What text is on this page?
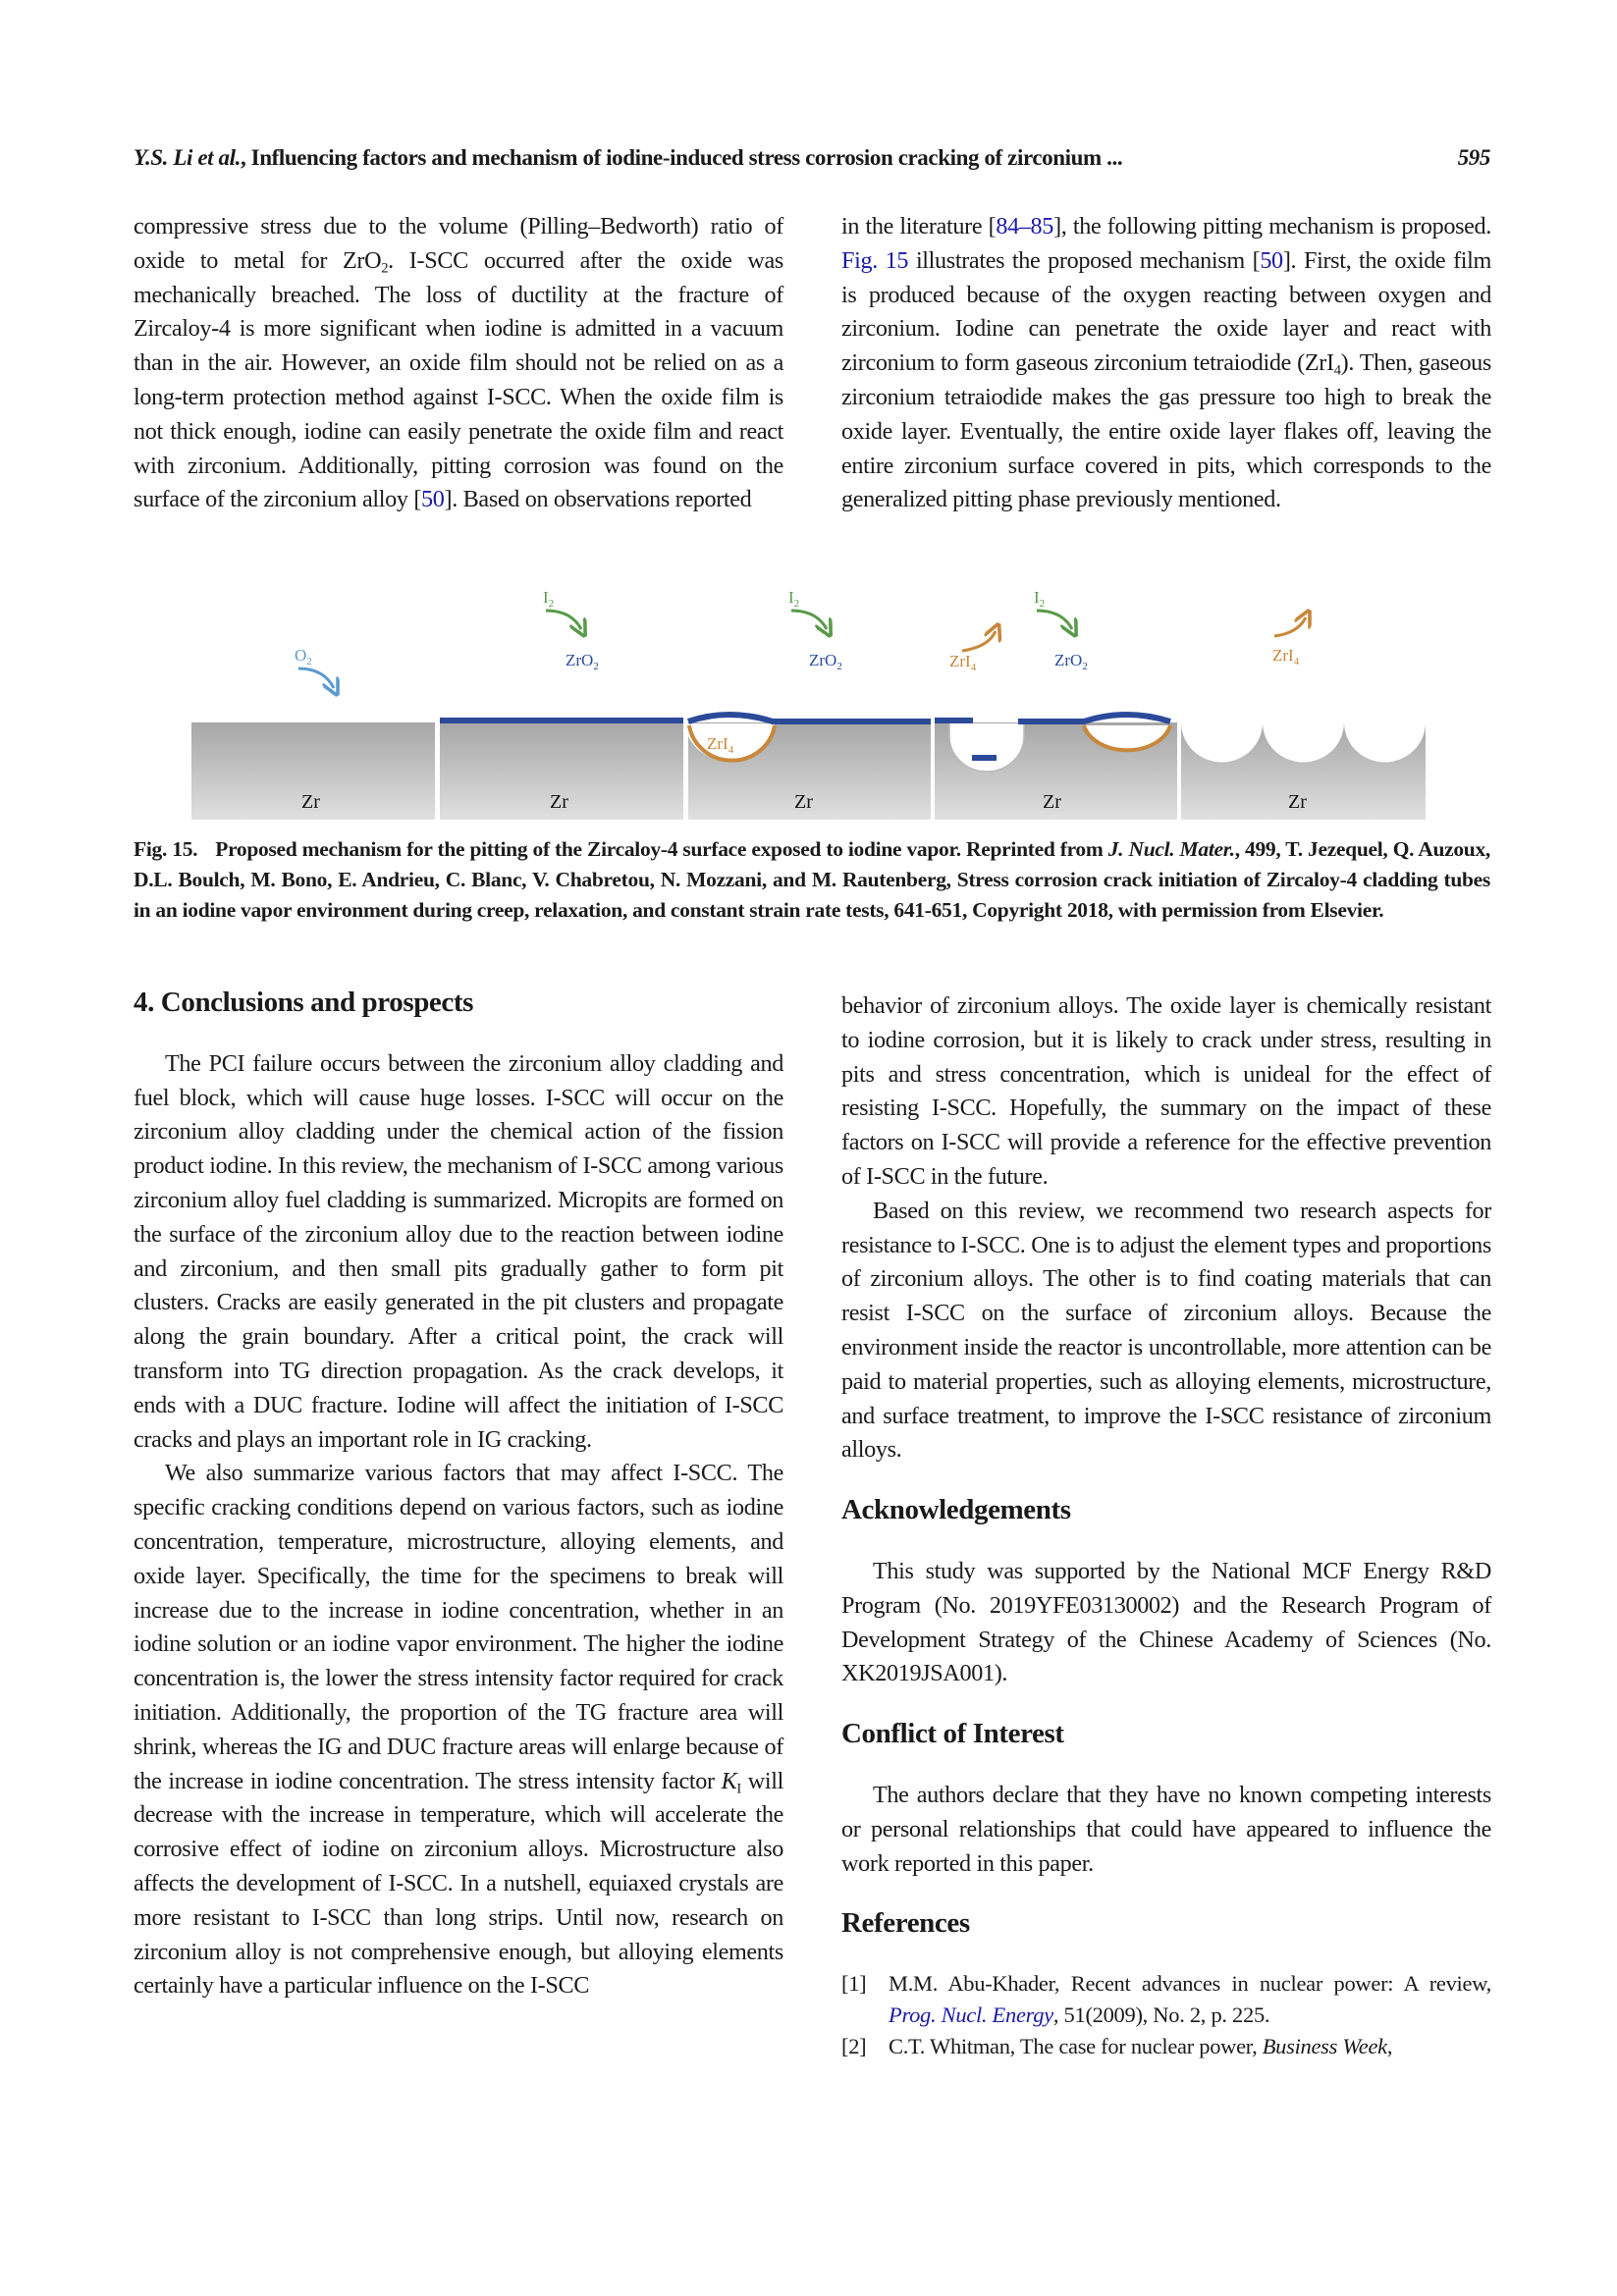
Y.S. Li et al., Influencing factors and mechanism of iodine-induced stress corrosion cracking of zirconium ...	595

compressive stress due to the volume (Pilling–Bedworth) ratio of oxide to metal for ZrO$_2$. I-SCC occurred after the oxide was mechanically breached. The loss of ductility at the fracture of Zircaloy-4 is more significant when iodine is admitted in a vacuum than in the air. However, an oxide film should not be relied on as a long-term protection method against I-SCC. When the oxide film is not thick enough, iodine can easily penetrate the oxide film and react with zirconium. Additionally, pitting corrosion was found on the surface of the zirconium alloy [50]. Based on observations reported

in the literature [84–85], the following pitting mechanism is proposed. Fig. 15 illustrates the proposed mechanism [50]. First, the oxide film is produced because of the oxygen reacting between oxygen and zirconium. Iodine can penetrate the oxide layer and react with zirconium to form gaseous zirconium tetraiodide (ZrI$_4$). Then, gaseous zirconium tetraiodide makes the gas pressure too high to break the oxide layer. Eventually, the entire oxide layer flakes off, leaving the entire zirconium surface covered in pits, which corresponds to the generalized pitting phase previously mentioned.

$O_2$
Zr
$I_2$
ZrO$_2$
Zr
ZrI$_4$
$I_2$
ZrO$_2$
Zr
ZrI$_4$
$I_2$
ZrO$_2$
Zr
ZrI$_4$
Zr
Fig. 15. Proposed mechanism for the pitting of the Zircaloy-4 surface exposed to iodine vapor. Reprinted from J. Nucl. Mater., 499, T. Jezequel, Q. Auzoux, D.L. Boulch, M. Bono, E. Andrieu, C. Blanc, V. Chabretou, N. Mozzani, and M. Rautenberg, Stress corrosion crack initiation of Zircaloy-4 cladding tubes in an iodine vapor environment during creep, relaxation, and constant strain rate tests, 641-651, Copyright 2018, with permission from Elsevier.
4. Conclusions and prospects

The PCI failure occurs between the zirconium alloy cladding and fuel block, which will cause huge losses. I-SCC will occur on the zirconium alloy cladding under the chemical action of the fission product iodine. In this review, the mechanism of I-SCC among various zirconium alloy fuel cladding is summarized. Micropits are formed on the surface of the zirconium alloy due to the reaction between iodine and zirconium, and then small pits gradually gather to form pit clusters. Cracks are easily generated in the pit clusters and propagate along the grain boundary. After a critical point, the crack will transform into TG direction propagation. As the crack develops, it ends with a DUC fracture. Iodine will affect the initiation of I-SCC cracks and plays an important role in IG cracking.

We also summarize various factors that may affect I-SCC. The specific cracking conditions depend on various factors, such as iodine concentration, temperature, microstructure, alloying elements, and oxide layer. Specifically, the time for the specimens to break will increase due to the increase in iodine concentration, whether in an iodine solution or an iodine vapor environment. The higher the iodine concentration is, the lower the stress intensity factor required for crack initiation. Additionally, the proportion of the TG fracture area will shrink, whereas the IG and DUC fracture areas will enlarge because of the increase in iodine concentration. The stress intensity factor $K_I$ will decrease with the increase in temperature, which will accelerate the corrosive effect of iodine on zirconium alloys. Microstructure also affects the development of I-SCC. In a nutshell, equiaxed crystals are more resistant to I-SCC than long strips. Until now, research on zirconium alloy is not comprehensive enough, but alloying elements certainly have a particular influence on the I-SCC

behavior of zirconium alloys. The oxide layer is chemically resistant to iodine corrosion, but it is likely to crack under stress, resulting in pits and stress concentration, which is unideal for the effect of resisting I-SCC. Hopefully, the summary on the impact of these factors on I-SCC will provide a reference for the effective prevention of I-SCC in the future.

Based on this review, we recommend two research aspects for resistance to I-SCC. One is to adjust the element types and proportions of zirconium alloys. The other is to find coating materials that can resist I-SCC on the surface of zirconium alloys. Because the environment inside the reactor is uncontrollable, more attention can be paid to material properties, such as alloying elements, microstructure, and surface treatment, to improve the I-SCC resistance of zirconium alloys.

Acknowledgements

This study was supported by the National MCF Energy R&D Program (No. 2019YFE03130002) and the Research Program of Development Strategy of the Chinese Academy of Sciences (No. XK2019JSA001).

Conflict of Interest

The authors declare that they have no known competing interests or personal relationships that could have appeared to influence the work reported in this paper.

References
[1]	M.M. Abu-Khader, Recent advances in nuclear power: A review, Prog. Nucl. Energy, 51(2009), No. 2, p. 225.
[2]	C.T. Whitman, The case for nuclear power, Business Week,
